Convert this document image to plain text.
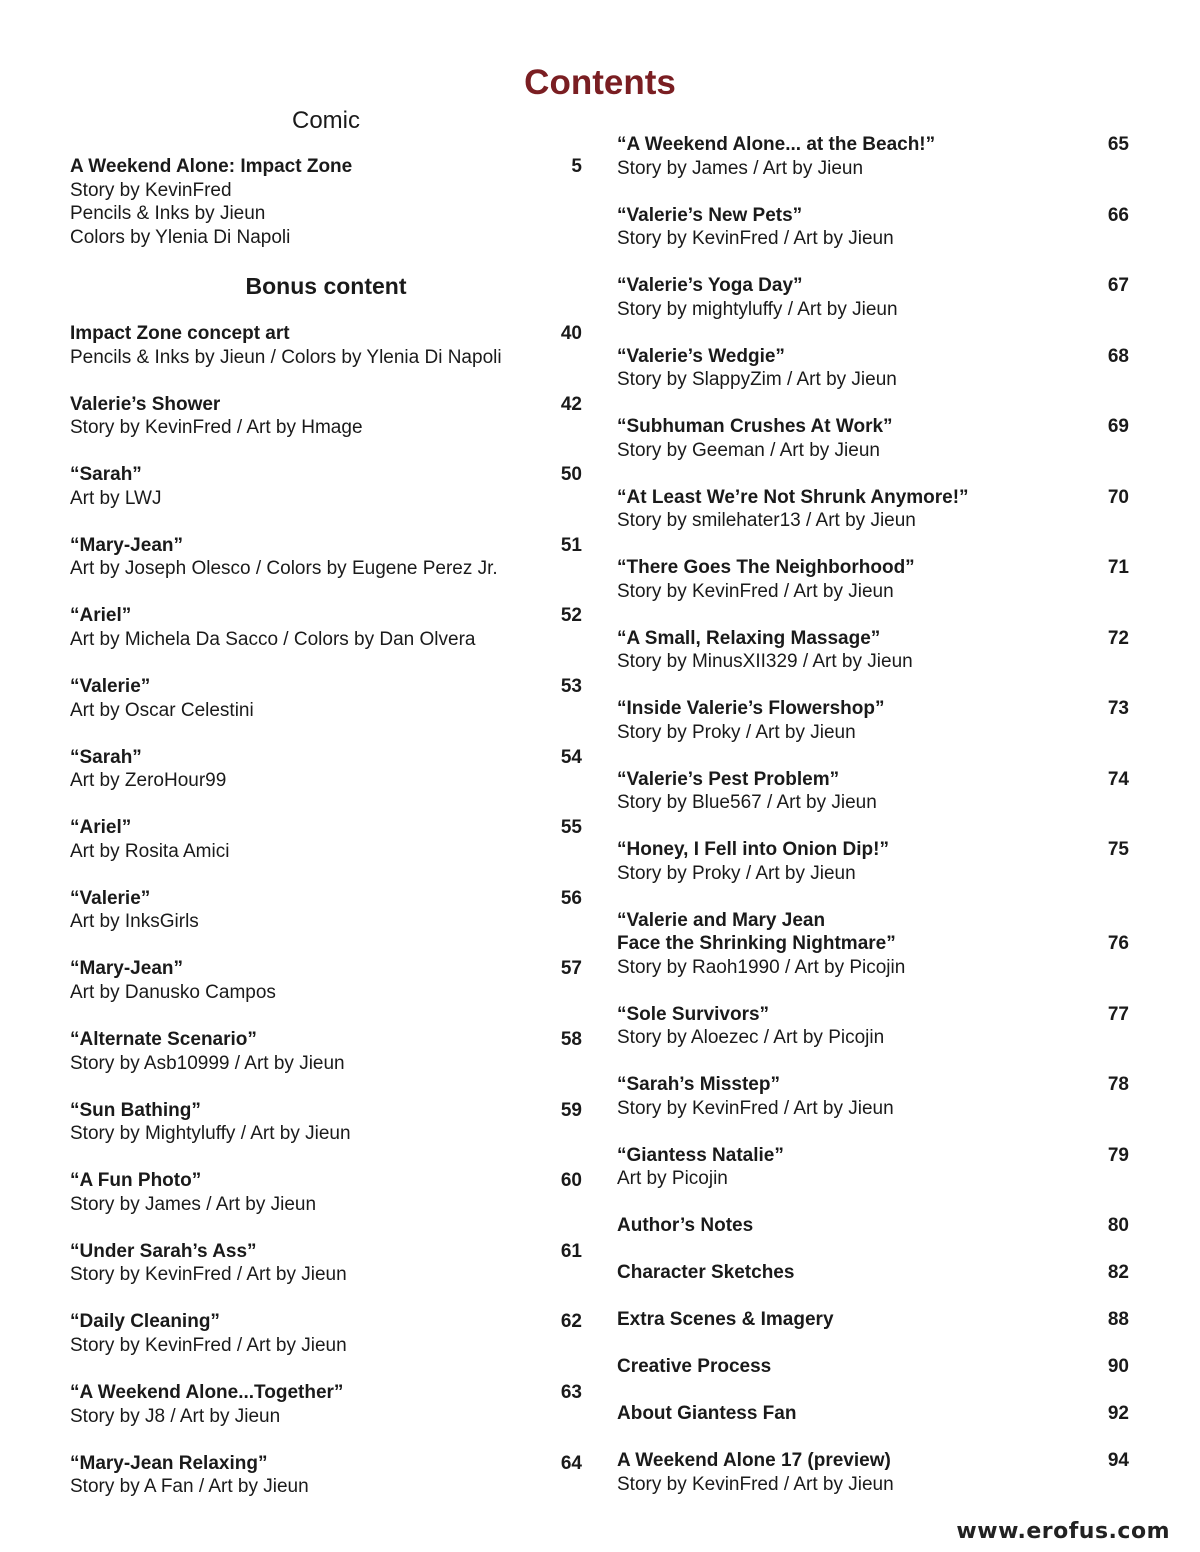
Contents
Comic
5
A Weekend Alone: Impact Zone
Story by KevinFred
Pencils & Inks by Jieun
Colors by Ylenia Di Napoli
Bonus content
40
Impact Zone concept art
Pencils & Inks by Jieun / Colors by Ylenia Di Napoli
42
Valerie’s Shower
Story by KevinFred / Art by Hmage
50
“Sarah”
Art by LWJ
51
“Mary-Jean”
Art by Joseph Olesco / Colors by Eugene Perez Jr.
52
“Ariel”
Art by Michela Da Sacco / Colors by Dan Olvera
53
“Valerie”
Art by Oscar Celestini
54
“Sarah”
Art by ZeroHour99
55
“Ariel”
Art by Rosita Amici
56
“Valerie”
Art by InksGirls
57
“Mary-Jean”
Art by Danusko Campos
58
“Alternate Scenario”
Story by Asb10999 / Art by Jieun
59
“Sun Bathing”
Story by Mightyluffy / Art by Jieun
60
“A Fun Photo”
Story by James / Art by Jieun
61
“Under Sarah’s Ass”
Story by KevinFred / Art by Jieun
62
“Daily Cleaning”
Story by KevinFred / Art by Jieun
63
“A Weekend Alone...Together”
Story by J8 / Art by Jieun
64
“Mary-Jean Relaxing”
Story by A Fan / Art by Jieun
65
“A Weekend Alone... at the Beach!”
Story by James / Art by Jieun
66
“Valerie’s New Pets”
Story by KevinFred / Art by Jieun
67
“Valerie’s Yoga Day”
Story by mightyluffy / Art by Jieun
68
“Valerie’s Wedgie”
Story by SlappyZim / Art by Jieun
69
“Subhuman Crushes At Work”
Story by Geeman / Art by Jieun
70
“At Least We’re Not Shrunk Anymore!”
Story by smilehater13 / Art by Jieun
71
“There Goes The Neighborhood”
Story by KevinFred / Art by Jieun
72
“A Small, Relaxing Massage”
Story by MinusXII329 / Art by Jieun
73
“Inside Valerie’s Flowershop”
Story by Proky / Art by Jieun
74
“Valerie’s Pest Problem”
Story by Blue567 / Art by Jieun
75
“Honey, I Fell into Onion Dip!”
Story by Proky / Art by Jieun
76
“Valerie and Mary Jean
Face the Shrinking Nightmare”
Story by Raoh1990 / Art by Picojin
77
“Sole Survivors”
Story by Aloezec / Art by Picojin
78
“Sarah’s Misstep”
Story by KevinFred / Art by Jieun
79
“Giantess Natalie”
Art by Picojin
80
Author’s Notes
82
Character Sketches
88
Extra Scenes & Imagery
90
Creative Process
92
About Giantess Fan
94
A Weekend Alone 17 (preview)
Story by KevinFred / Art by Jieun
www.erofus.com
